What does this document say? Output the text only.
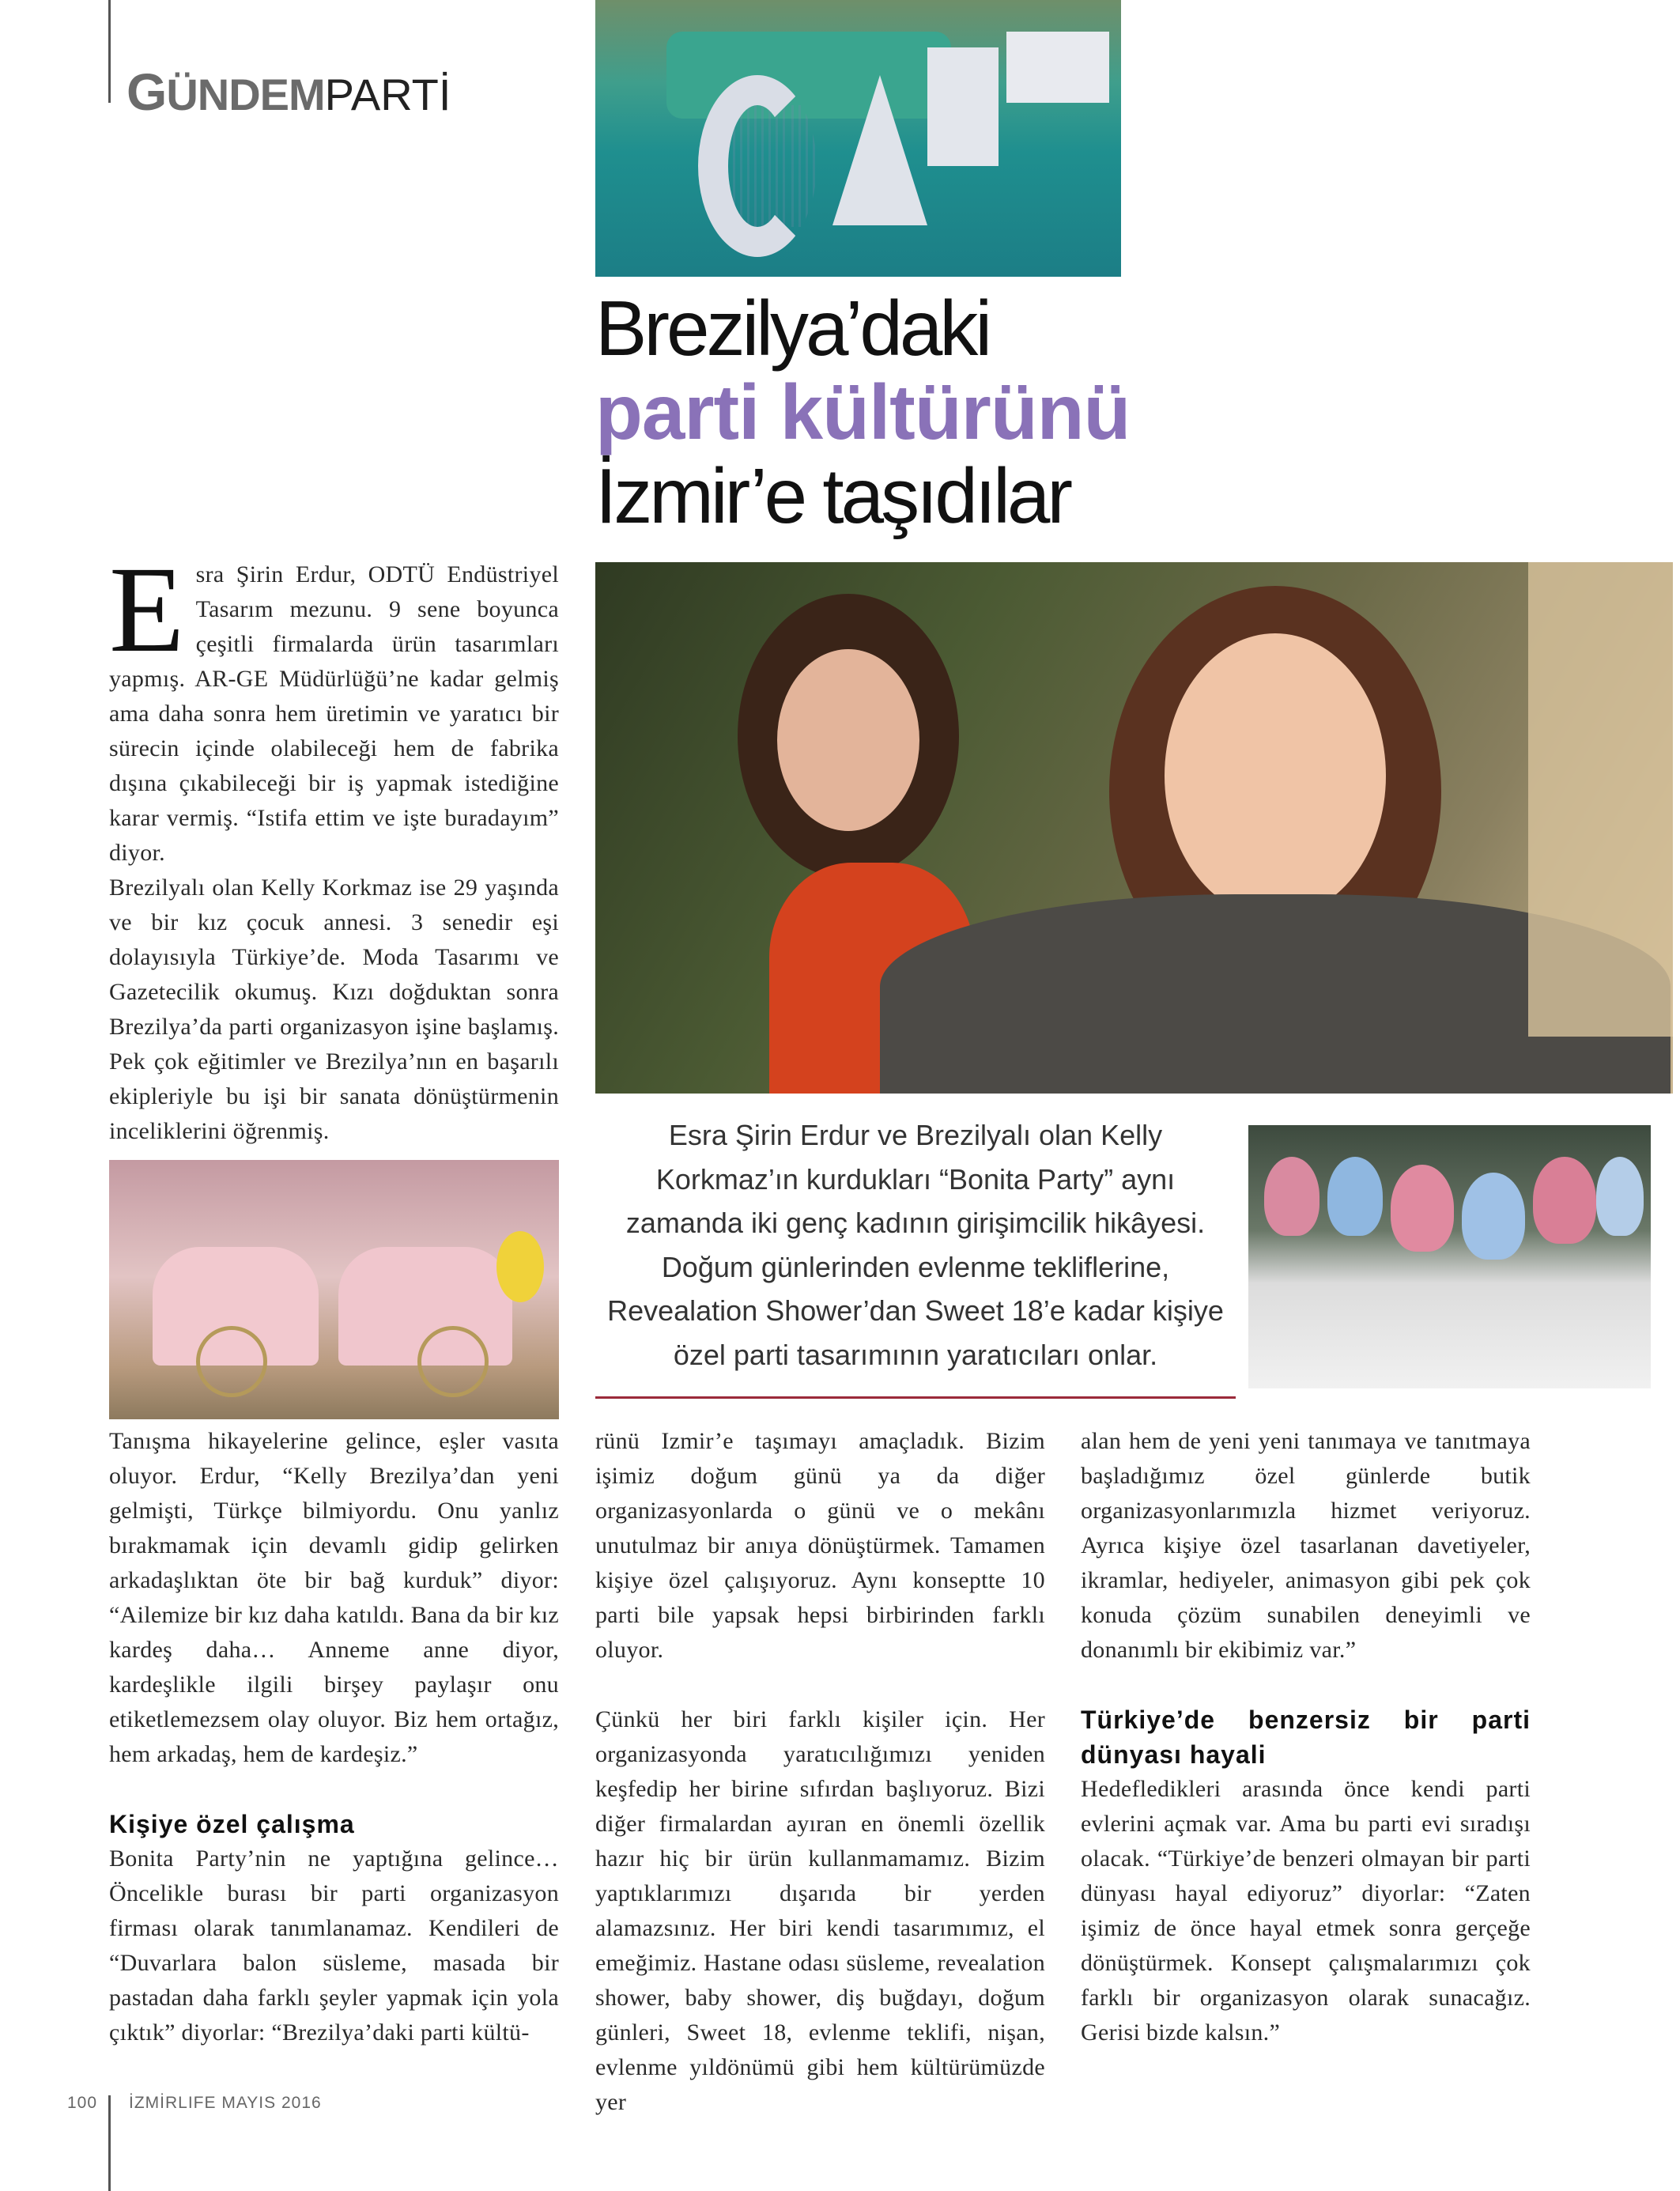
GÜNDEMPARTİ
Brezilya’daki
parti kültürünü
İzmir’e taşıdılar
E sra Şirin Erdur, ODTÜ Endüstriyel Tasarım mezunu. 9 sene boyunca çeşitli firmalarda ürün tasarımları yapmış. AR-GE Müdürlüğü’ne kadar gelmiş ama daha sonra hem üretimin ve yaratıcı bir sürecin içinde olabileceği hem de fabrika dışına çıkabileceği bir iş yapmak istediğine karar vermiş. “Istifa ettim ve işte buradayım” diyor.

Brezilyalı olan Kelly Korkmaz ise 29 yaşında ve bir kız çocuk annesi. 3 senedir eşi dolayısıyla Türkiye’de. Moda Tasarımı ve Gazetecilik okumuş. Kızı doğduktan sonra Brezilya’da parti organizasyon işine başlamış. Pek çok eğitimler ve Brezilya’nın en başarılı ekipleriyle bu işi bir sanata dönüştürmenin inceliklerini öğrenmiş.	Esra Şirin Erdur ve Brezilyalı olan Kelly Korkmaz’ın kurdukları “Bonita Party” aynı zamanda iki genç kadının girişimcilik hikâyesi. Doğum günlerinden evlenme tekliflerine, Revealation Shower’dan Sweet 18’e kadar kişiye özel parti tasarımının yaratıcıları onlar.

Tanışma hikayelerine gelince, eşler vasıta oluyor. Erdur, “Kelly Brezilya’dan yeni gelmişti, Türkçe bilmiyordu. Onu yanlız bırakmamak için devamlı gidip gelirken arkadaşlıktan öte bir bağ kurduk” diyor: “Ailemize bir kız daha katıldı. Bana da bir kız kardeş daha… Anneme anne diyor, kardeşlikle ilgili birşey paylaşır onu etiketlemezsem olay oluyor. Biz hem ortağız, hem arkadaş, hem de kardeşiz.”

Kişiye özel çalışma

Bonita Party’nin ne yaptığına gelince… Öncelikle burası bir parti organizasyon firması olarak tanımlanamaz. Kendileri de “Duvarlara balon süsleme, masada bir pastadan daha farklı şeyler yapmak için yola çıktık” diyorlar: “Brezilya’daki parti kültü-

rünü Izmir’e taşımayı amaçladık. Bizim işimiz doğum günü ya da diğer organizasyonlarda o günü ve o mekânı unutulmaz bir anıya dönüştürmek. Tamamen kişiye özel çalışıyoruz. Aynı konseptte 10 parti bile yapsak hepsi birbirinden farklı oluyor.

Çünkü her biri farklı kişiler için. Her organizasyonda yaratıcılığımızı yeniden keşfedip her birine sıfırdan başlıyoruz. Bizi diğer firmalardan ayıran en önemli özellik hazır hiç bir ürün kullanmamamız. Bizim yaptıklarımızı dışarıda bir yerden alamazsınız. Her biri kendi tasarımımız, el emeğimiz. Hastane odası süsleme, revealation shower, baby shower, diş buğdayı, doğum günleri, Sweet 18, evlenme teklifi, nişan, evlenme yıldönümü gibi hem kültürümüzde yer

alan hem de yeni yeni tanımaya ve tanıtmaya başladığımız özel günlerde butik organizasyonlarımızla hizmet veriyoruz. Ayrıca kişiye özel tasarlanan davetiyeler, ikramlar, hediyeler, animasyon gibi pek çok konuda çözüm sunabilen deneyimli ve donanımlı bir ekibimiz var.”

Türkiye’de benzersiz bir parti dünyası hayali

Hedefledikleri arasında önce kendi parti evlerini açmak var. Ama bu parti evi sıradışı olacak. “Türkiye’de benzeri olmayan bir parti dünyası hayal ediyoruz” diyorlar: “Zaten işimiz de önce hayal etmek sonra gerçeğe dönüştürmek. Konsept çalışmalarımızı çok farklı bir organizasyon olarak sunacağız. Gerisi bizde kalsın.”

100 İZMİRLIFE MAYIS 2016
